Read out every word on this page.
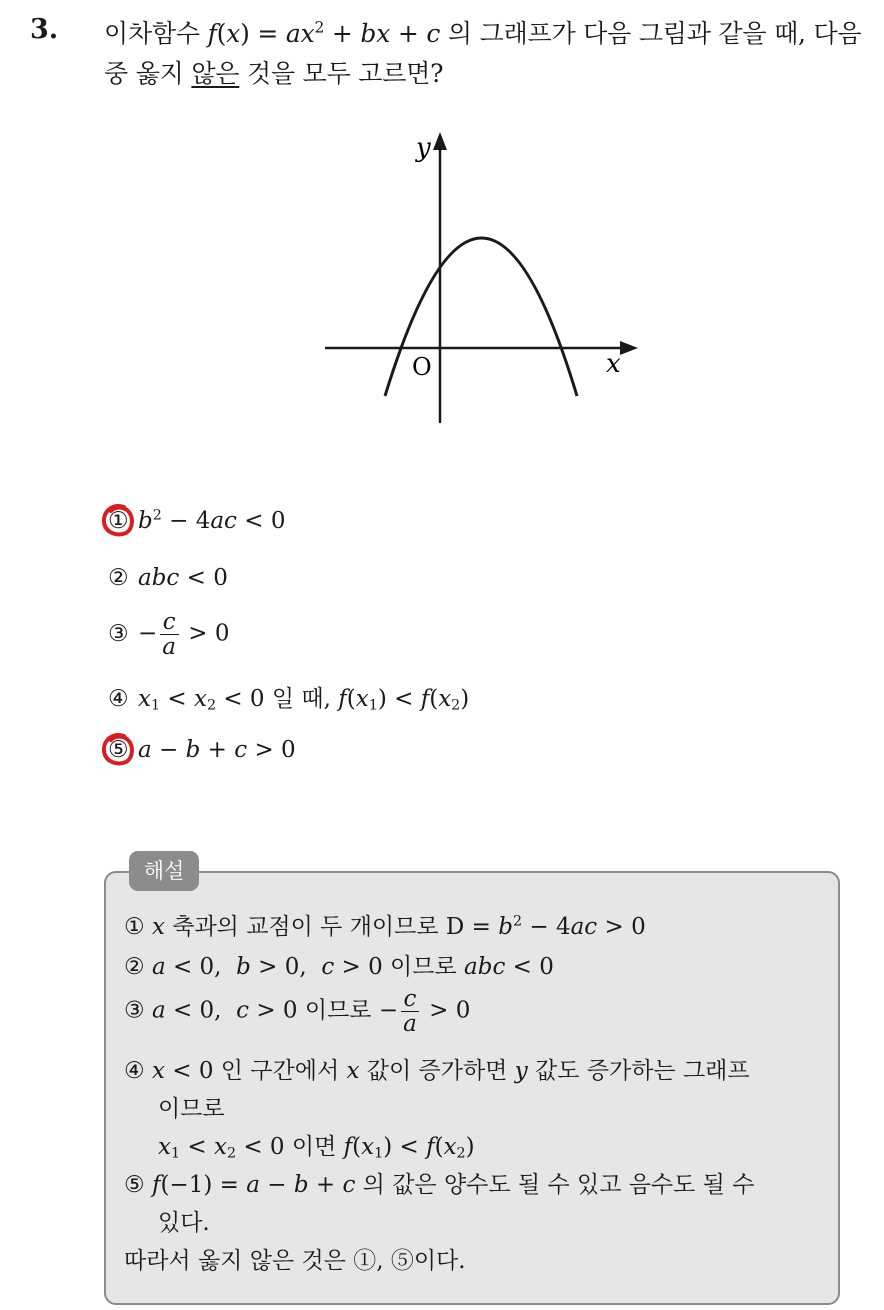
3. 이차함수 $f(x) = ax^2$ + bx + c 의 그래프가 다음 그림과 같을 때, 다음
중 옳지 않은 것을 모두 고르면?
y
x
O
① $b^2 - 4ac < 0$
② abc < 0
③ − $\frac{c}{a} > 0$
④ $x_1 < x_2 < 0$ 일 때, $f(x_1) < f(x_2)$
⑤ a − b + c > 0
해설
① x 축과의 교점이 두 개이므로 $D = b^2 - 4ac > 0$
② a < 0,  b > 0,  c > 0 이므로 abc < 0
③ a < 0,  c > 0 이므로 − $\frac{c}{a} > 0$
④ x < 0 인 구간에서 x 값이 증가하면 y 값도 증가하는 그래프
이므로
$x_1 < x_2 < 0$ 이면 $f(x_1) < f(x_2)$
⑤ f(−1) = a − b + c 의 값은 양수도 될 수 있고 음수도 될 수
있다.
따라서 옳지 않은 것은 ①, ⑤이다.
